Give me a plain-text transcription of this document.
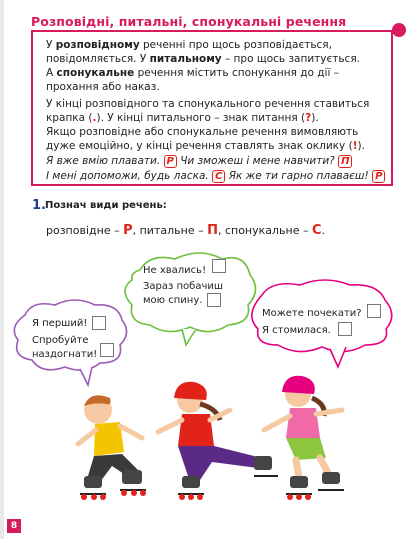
Розповідні, питальні, спонукальні речення
У розповідному реченні про щось розповідається,
повідомляється. У питальному – про щось запитується.
А спонукальне речення містить спонукання до дії –
прохання або наказ.
У кінці розповідного та спонукального речення ставиться
крапка (.). У кінці питального – знак питання (?).
Якщо розповідне або спонукальне речення вимовляють
дуже емоційно, у кінці речення ставлять знак оклику (!).
Я вже вмію плавати. Р Чи зможеш і мене навчити? П
І мені допоможи, будь ласка. С Як же ти гарно плаваєш! Р
1. Познач види речень:
розповідне – Р, питальне – П, спонукальне – С.
Не хвались!
Зараз побачиш
мою спину.
Я перший!
Спробуйте
наздогнати!
Можете почекати?
Я стомилася.
8
